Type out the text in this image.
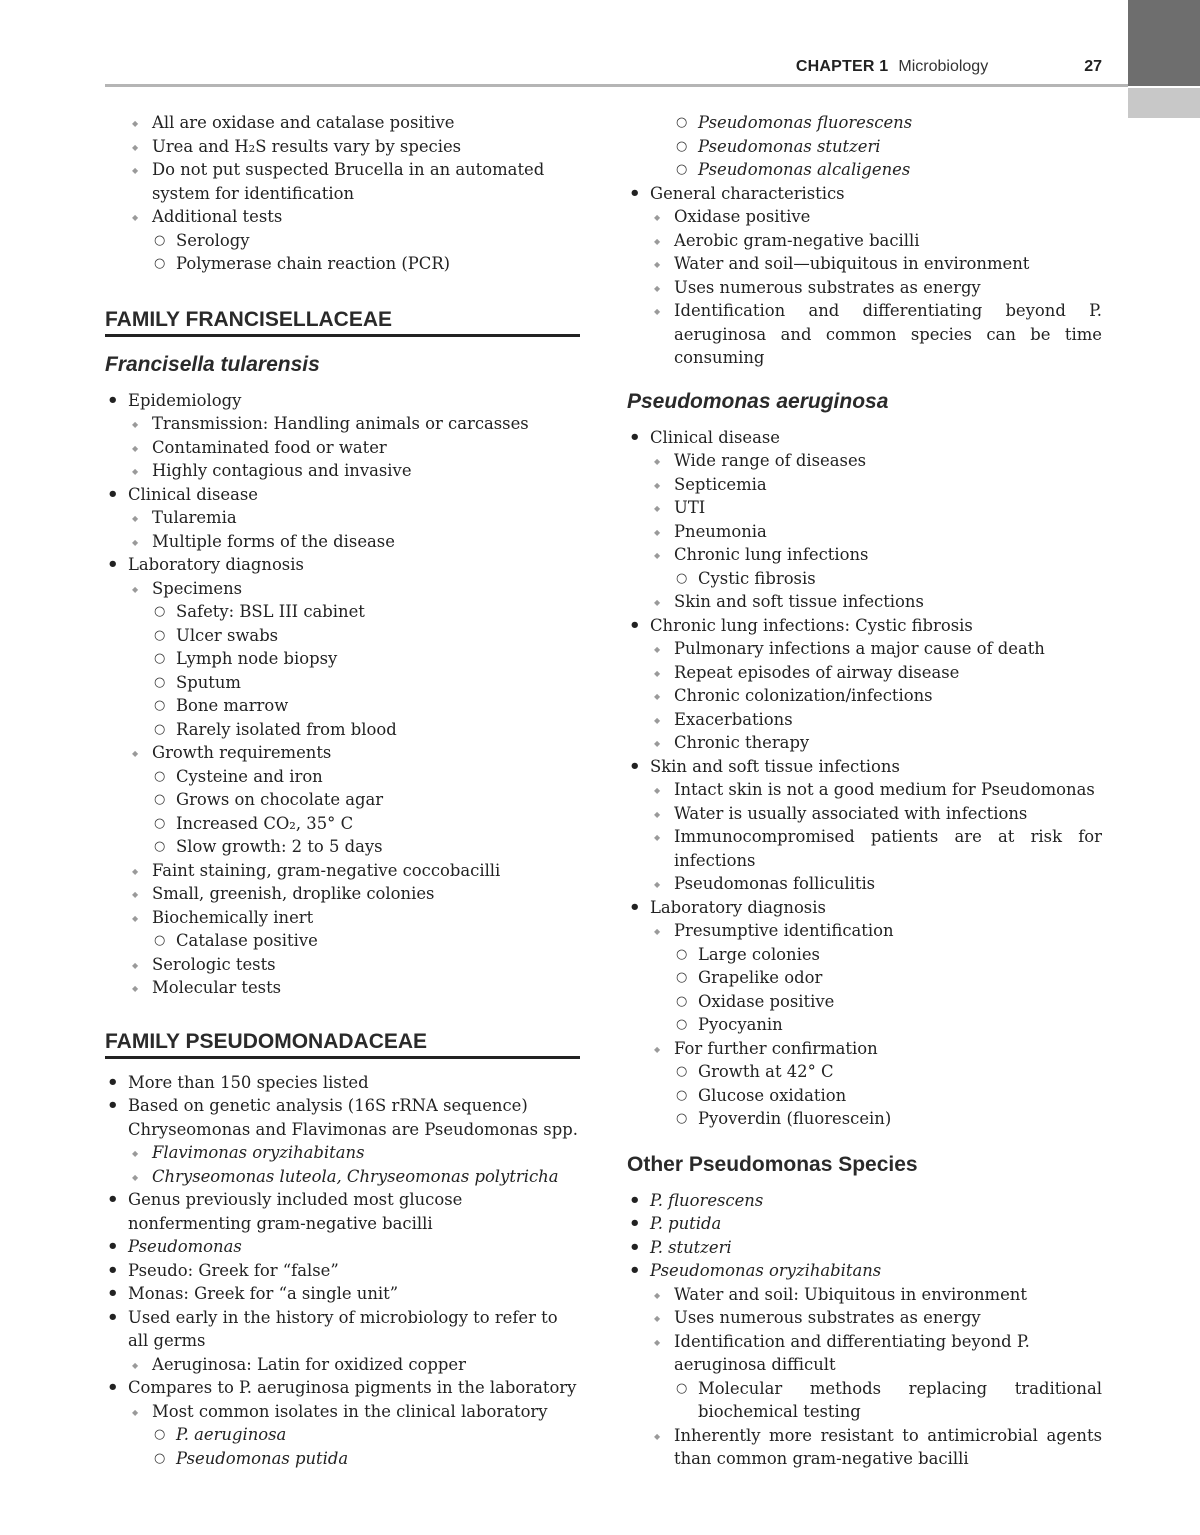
CHAPTER 1 Microbiology	27
◆ All are oxidase and catalase positive
◆ Urea and H₂S results vary by species
◆ Do not put suspected Brucella in an automated system for identification
◆ Additional tests
○ Serology
○ Polymerase chain reaction (PCR)
FAMILY FRANCISELLACEAE
Francisella tularensis
• Epidemiology
◆ Transmission: Handling animals or carcasses
◆ Contaminated food or water
◆ Highly contagious and invasive
• Clinical disease
◆ Tularemia
◆ Multiple forms of the disease
• Laboratory diagnosis
◆ Specimens
○ Safety: BSL III cabinet
○ Ulcer swabs
○ Lymph node biopsy
○ Sputum
○ Bone marrow
○ Rarely isolated from blood
◆ Growth requirements
○ Cysteine and iron
○ Grows on chocolate agar
○ Increased CO₂, 35° C
○ Slow growth: 2 to 5 days
◆ Faint staining, gram-negative coccobacilli
◆ Small, greenish, droplike colonies
◆ Biochemically inert
○ Catalase positive
◆ Serologic tests
◆ Molecular tests
FAMILY PSEUDOMONADACEAE
• More than 150 species listed
• Based on genetic analysis (16S rRNA sequence) Chryseomonas and Flavimonas are Pseudomonas spp.
◆ Flavimonas oryzihabitans
◆ Chryseomonas luteola, Chryseomonas polytricha
• Genus previously included most glucose nonfermenting gram-negative bacilli
• Pseudomonas
• Pseudo: Greek for “false”
• Monas: Greek for “a single unit”
• Used early in the history of microbiology to refer to all germs
◆ Aeruginosa: Latin for oxidized copper
• Compares to P. aeruginosa pigments in the laboratory
◆ Most common isolates in the clinical laboratory
○ P. aeruginosa
○ Pseudomonas putida
○ Pseudomonas fluorescens
○ Pseudomonas stutzeri
○ Pseudomonas alcaligenes
• General characteristics
◆ Oxidase positive
◆ Aerobic gram-negative bacilli
◆ Water and soil—ubiquitous in environment
◆ Uses numerous substrates as energy
◆ Identification and differentiating beyond P. aeruginosa and common species can be time consuming
Pseudomonas aeruginosa
• Clinical disease
◆ Wide range of diseases
◆ Septicemia
◆ UTI
◆ Pneumonia
◆ Chronic lung infections
○ Cystic fibrosis
◆ Skin and soft tissue infections
• Chronic lung infections: Cystic fibrosis
◆ Pulmonary infections a major cause of death
◆ Repeat episodes of airway disease
◆ Chronic colonization/infections
◆ Exacerbations
◆ Chronic therapy
• Skin and soft tissue infections
◆ Intact skin is not a good medium for Pseudomonas
◆ Water is usually associated with infections
◆ Immunocompromised patients are at risk for infections
◆ Pseudomonas folliculitis
• Laboratory diagnosis
◆ Presumptive identification
○ Large colonies
○ Grapelike odor
○ Oxidase positive
○ Pyocyanin
◆ For further confirmation
○ Growth at 42° C
○ Glucose oxidation
○ Pyoverdin (fluorescein)
Other Pseudomonas Species
• P. fluorescens
• P. putida
• P. stutzeri
• Pseudomonas oryzihabitans
◆ Water and soil: Ubiquitous in environment
◆ Uses numerous substrates as energy
◆ Identification and differentiating beyond P. aeruginosa difficult
○ Molecular methods replacing traditional biochemical testing
◆ Inherently more resistant to antimicrobial agents than common gram-negative bacilli
